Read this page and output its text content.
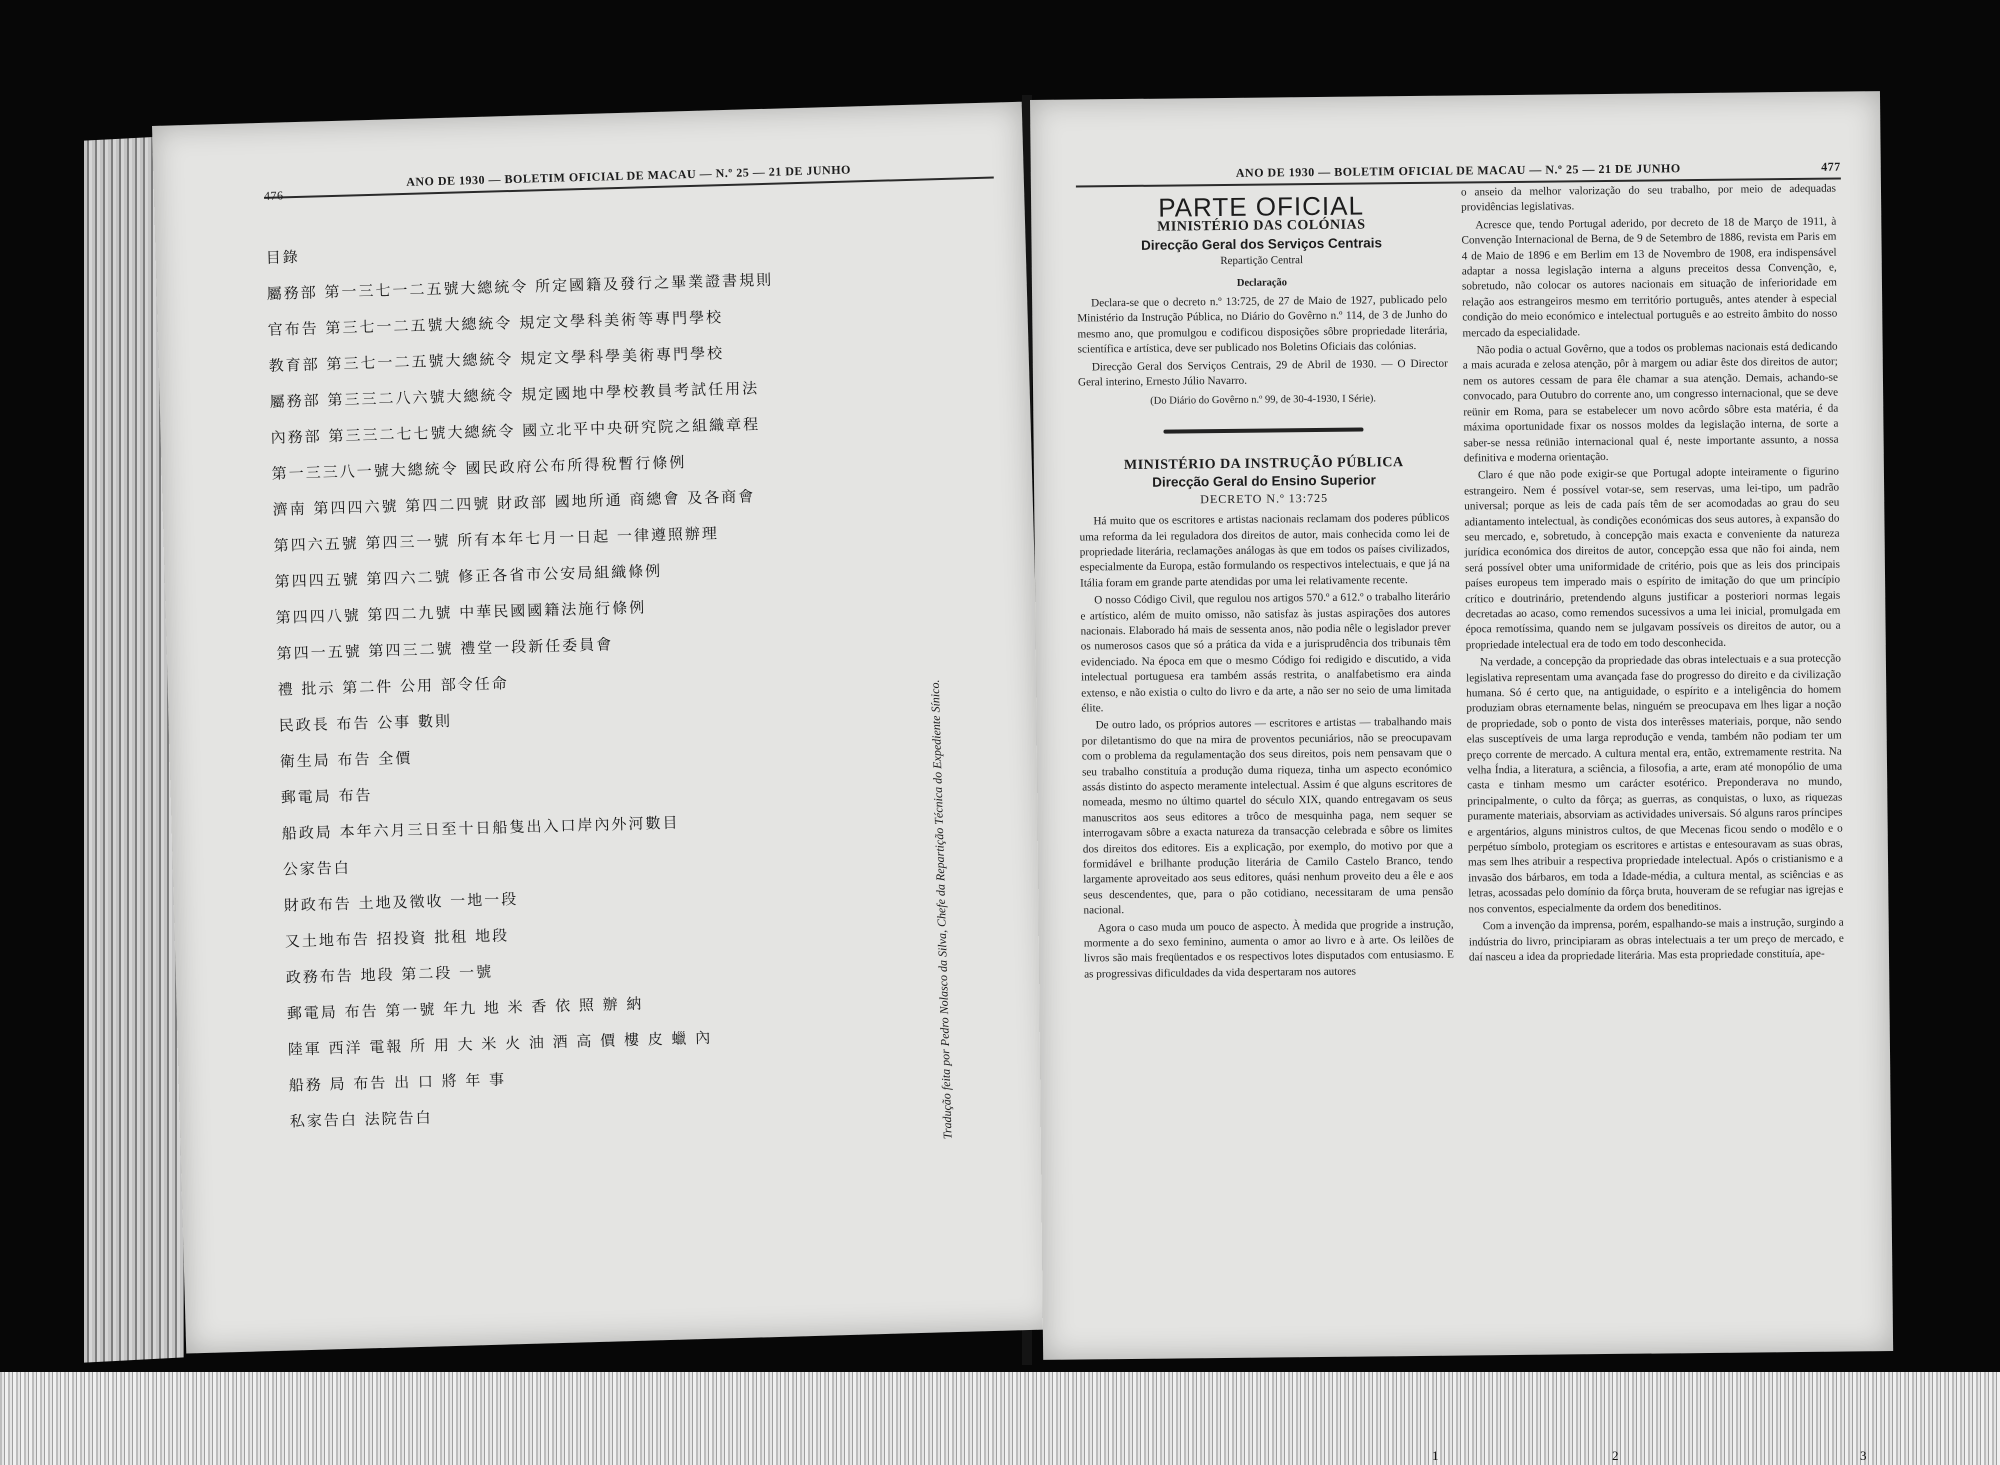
476
ANO DE 1930 — BOLETIM OFICIAL DE MACAU — N.º 25 — 21 DE JUNHO
目錄
屬務部 第一三七一二五號大總統令 所定國籍及發行之畢業證書規則
官布告 第三七一二五號大總統令 規定文學科美術等專門學校
教育部 第三七一二五號大總統令 規定文學科學美術專門學校
屬務部 第三三二八六號大總統令 規定國地中學校教員考試任用法
內務部 第三三二七七號大總統令 國立北平中央研究院之組織章程
第一三三八一號大總統令 國民政府公布所得稅暫行條例
濟南 第四四六號 第四二四號 財政部 國地所通 商總會 及各商會
第四六五號 第四三一號 所有本年七月一日起 一律遵照辦理
第四四五號 第四六二號 修正各省市公安局組織條例
第四四八號 第四二九號 中華民國國籍法施行條例
第四一五號 第四三二號 禮堂一段新任委員會
禮 批示 第二件 公用 部令任命
民政長 布告 公事 數則
衛生局 布告 全價
郵電局 布告
船政局 本年六月三日至十日船隻出入口岸內外河數目
公家告白
財政布告 土地及徵收 一地一段
又土地布告 招投資 批租 地段
政務布告 地段 第二段 一號
郵電局 布告 第一號 年九 地 米 香 依 照 辦 納
陸軍 西洋 電報 所 用 大 米 火 油 酒 高 價 樓 皮 蠟 內
船務 局 布告 出 口 將 年 事
私家告白 法院告白	Tradução feita por Pedro Nolasco da Silva, Chefe da Repartição Técnica do Expediente Sínico.
ANO DE 1930 — BOLETIM OFICIAL DE MACAU — N.º 25 — 21 DE JUNHO	477
PARTE OFICIAL
MINISTÉRIO DAS COLÓNIAS
Direcção Geral dos Serviços Centrais
Repartição Central
Declaração

Declara-se que o decreto n.º 13:725, de 27 de Maio de 1927, publicado pelo Ministério da Instrução Pública, no Diário do Govêrno n.º 114, de 3 de Junho do mesmo ano, que promulgou e codificou disposições sôbre propriedade literária, scientífica e artística, deve ser publicado nos Boletins Oficiais das colónias.

Direcção Geral dos Serviços Centrais, 29 de Abril de 1930. — O Director Geral interino, Ernesto Júlio Navarro.

(Do Diário do Govêrno n.º 99, de 30-4-1930, I Série).
MINISTÉRIO DA INSTRUÇÃO PÚBLICA
Direcção Geral do Ensino Superior
DECRETO N.º 13:725

Há muito que os escritores e artistas nacionais reclamam dos poderes públicos uma reforma da lei reguladora dos direitos de autor, mais conhecida como lei de propriedade literária, reclamações análogas às que em todos os países civilizados, especialmente da Europa, estão formulando os respectivos intelectuais, e que já na Itália foram em grande parte atendidas por uma lei relativamente recente.

O nosso Código Civil, que regulou nos artigos 570.º a 612.º o trabalho literário e artístico, além de muito omisso, não satisfaz às justas aspirações dos autores nacionais. Elaborado há mais de sessenta anos, não podia nêle o legislador prever os numerosos casos que só a prática da vida e a jurisprudência dos tribunais têm evidenciado. Na época em que o mesmo Código foi redigido e discutido, a vida intelectual portuguesa era também assás restrita, o analfabetismo era ainda extenso, e não existia o culto do livro e da arte, a não ser no seio de uma limitada élite.

De outro lado, os próprios autores — escritores e artistas — trabalhando mais por diletantismo do que na mira de proventos pecuniários, não se preocupavam com o problema da regulamentação dos seus direitos, pois nem pensavam que o seu trabalho constituía a produção duma riqueza, tinha um aspecto económico assás distinto do aspecto meramente intelectual. Assim é que alguns escritores de nomeada, mesmo no último quartel do século XIX, quando entregavam os seus manuscritos aos seus editores a trôco de mesquinha paga, nem sequer se interrogavam sôbre a exacta natureza da transacção celebrada e sôbre os limites dos direitos dos editores. Eis a explicação, por exemplo, do motivo por que a formidável e brilhante produção literária de Camilo Castelo Branco, tendo largamente aproveitado aos seus editores, quási nenhum proveito deu a êle e aos seus descendentes, que, para o pão cotidiano, necessitaram de uma pensão nacional.

Agora o caso muda um pouco de aspecto. À medida que progride a instrução, mormente a do sexo feminino, aumenta o amor ao livro e à arte. Os leilões de livros são mais freqüentados e os respectivos lotes disputados com entusiasmo. E as progressivas dificuldades da vida despertaram nos autores

o anseio da melhor valorização do seu trabalho, por meio de adequadas providências legislativas.

Acresce que, tendo Portugal aderido, por decreto de 18 de Março de 1911, à Convenção Internacional de Berna, de 9 de Setembro de 1886, revista em Paris em 4 de Maio de 1896 e em Berlim em 13 de Novembro de 1908, era indispensável adaptar a nossa legislação interna a alguns preceitos dessa Convenção, e, sobretudo, não colocar os autores nacionais em situação de inferioridade em relação aos estrangeiros mesmo em território português, antes atender à especial condição do meio económico e intelectual português e ao estreito âmbito do nosso mercado da especialidade.

Não podia o actual Govêrno, que a todos os problemas nacionais está dedicando a mais acurada e zelosa atenção, pôr à margem ou adiar êste dos direitos de autor; nem os autores cessam de para êle chamar a sua atenção. Demais, achando-se convocado, para Outubro do corrente ano, um congresso internacional, que se deve reünir em Roma, para se estabelecer um novo acôrdo sôbre esta matéria, é da máxima oportunidade fixar os nossos moldes da legislação interna, de sorte a saber-se nessa reünião internacional qual é, neste importante assunto, a nossa definitiva e moderna orientação.

Claro é que não pode exigir-se que Portugal adopte inteiramente o figurino estrangeiro. Nem é possível votar-se, sem reservas, uma lei-tipo, um padrão universal; porque as leis de cada país têm de ser acomodadas ao grau do seu adiantamento intelectual, às condições económicas dos seus autores, à expansão do seu mercado, e, sobretudo, à concepção mais exacta e conveniente da natureza jurídica económica dos direitos de autor, concepção essa que não foi ainda, nem será possível obter uma uniformidade de critério, pois que as leis dos principais países europeus tem imperado mais o espírito de imitação do que um princípio crítico e doutrinário, pretendendo alguns justificar a posteriori normas legais decretadas ao acaso, como remendos sucessivos a uma lei inicial, promulgada em época remotíssima, quando nem se julgavam possíveis os direitos de autor, ou a propriedade intelectual era de todo em todo desconhecida.

Na verdade, a concepção da propriedade das obras intelectuais e a sua protecção legislativa representam uma avançada fase do progresso do direito e da civilização humana. Só é certo que, na antiguidade, o espírito e a inteligência do homem produziam obras eternamente belas, ninguém se preocupava em lhes ligar a noção de propriedade, sob o ponto de vista dos interêsses materiais, porque, não sendo elas susceptíveis de uma larga reprodução e venda, também não podiam ter um preço corrente de mercado. A cultura mental era, então, extremamente restrita. Na velha Índia, a literatura, a sciência, a filosofia, a arte, eram até monopólio de uma casta e tinham mesmo um carácter esotérico. Preponderava no mundo, principalmente, o culto da fôrça; as guerras, as conquistas, o luxo, as riquezas puramente materiais, absorviam as actividades universais. Só alguns raros príncipes e argentários, alguns ministros cultos, de que Mecenas ficou sendo o modêlo e o perpétuo símbolo, protegiam os escritores e artistas e entesouravam as suas obras, mas sem lhes atribuir a respectiva propriedade intelectual. Após o cristianismo e a invasão dos bárbaros, em toda a Idade-média, a cultura mental, as sciências e as letras, acossadas pelo domínio da fôrça bruta, houveram de se refugiar nas igrejas e nos conventos, especialmente da ordem dos beneditinos.

Com a invenção da imprensa, porém, espalhando-se mais a instrução, surgindo a indústria do livro, principiaram as obras intelectuais a ter um preço de mercado, e daí nasceu a idea da propriedade literária. Mas esta propriedade constituía, ape-

1	2	3
